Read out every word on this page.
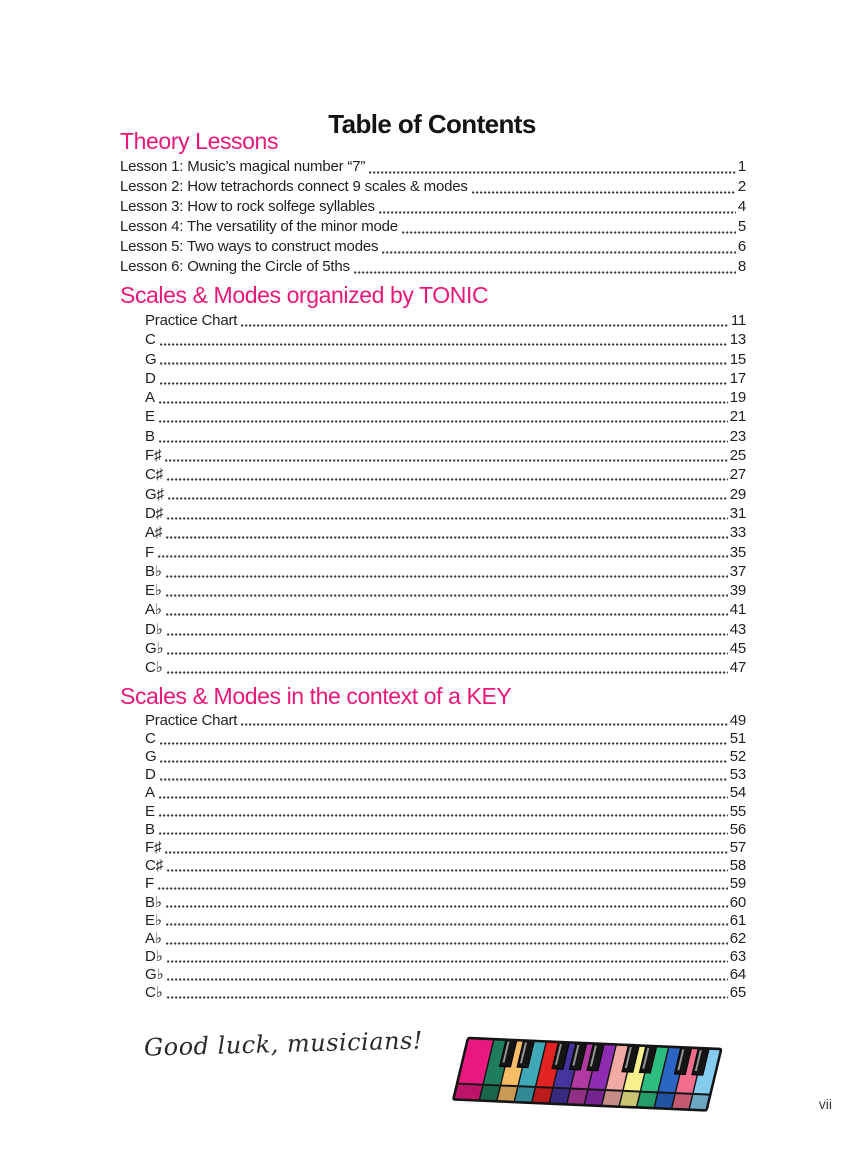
Table of Contents
Theory Lessons
Lesson 1: Music’s magical number “7”	1
Lesson 2: How tetrachords connect 9 scales & modes	2
Lesson 3: How to rock solfege syllables	4
Lesson 4: The versatility of the minor mode	5
Lesson 5: Two ways to construct modes	6
Lesson 6: Owning the Circle of 5ths	8
Scales & Modes organized by TONIC
Practice Chart	11
C	13
G	15
D	17
A	19
E	21
B	23
F♯	25
C♯	27
G♯	29
D♯	31
A♯	33
F	35
B♭	37
E♭	39
A♭	41
D♭	43
G♭	45
C♭	47
Scales & Modes in the context of a KEY
Practice Chart	49
C	51
G	52
D	53
A	54
E	55
B	56
F♯	57
C♯	58
F	59
B♭	60
E♭	61
A♭	62
D♭	63
G♭	64
C♭	65
Good luck, musicians!
vii
